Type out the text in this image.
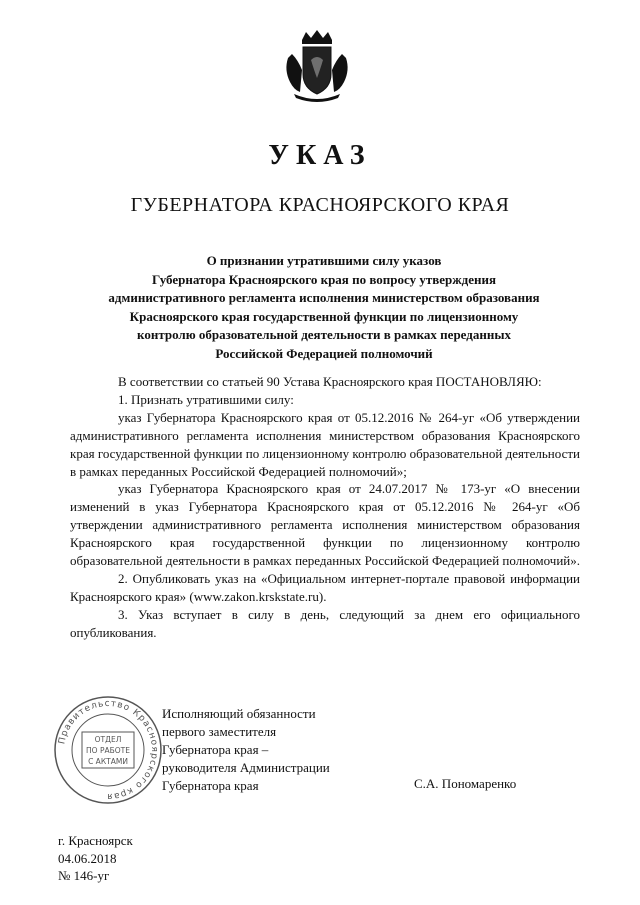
УКАЗ
ГУБЕРНАТОРА КРАСНОЯРСКОГО КРАЯ
О признании утратившими силу указов
Губернатора Красноярского края по вопросу утверждения
административного регламента исполнения министерством образования
Красноярского края государственной функции по лицензионному
контролю образовательной деятельности в рамках переданных
Российской Федерацией полномочий

В соответствии со статьей 90 Устава Красноярского края ПОСТАНОВЛЯЮ:

1. Признать утратившими силу:

указ Губернатора Красноярского края от 05.12.2016 № 264-уг «Об утверждении административного регламента исполнения министерством образования Красноярского края государственной функции по лицензионному контролю образовательной деятельности в рамках переданных Российской Федерацией полномочий»;

указ Губернатора Красноярского края от 24.07.2017 № 173-уг «О внесении изменений в указ Губернатора Красноярского края от 05.12.2016 № 264-уг «Об утверждении административного регламента исполнения министерством образования Красноярского края государственной функции по лицензионному контролю образовательной деятельности в рамках переданных Российской Федерацией полномочий».

2. Опубликовать указ на «Официальном интернет-портале правовой информации Красноярского края» (www.zakon.krskstate.ru).

3. Указ вступает в силу в день, следующий за днем его официального опубликования.

Правительство Красноярского края
ОТДЕЛ
ПО РАБОТЕ
С АКТАМИ
Исполняющий обязанности
первого заместителя
Губернатора края –
руководителя Администрации
Губернатора края	С.А. Пономаренко
г. Красноярск
04.06.2018
№ 146-уг
